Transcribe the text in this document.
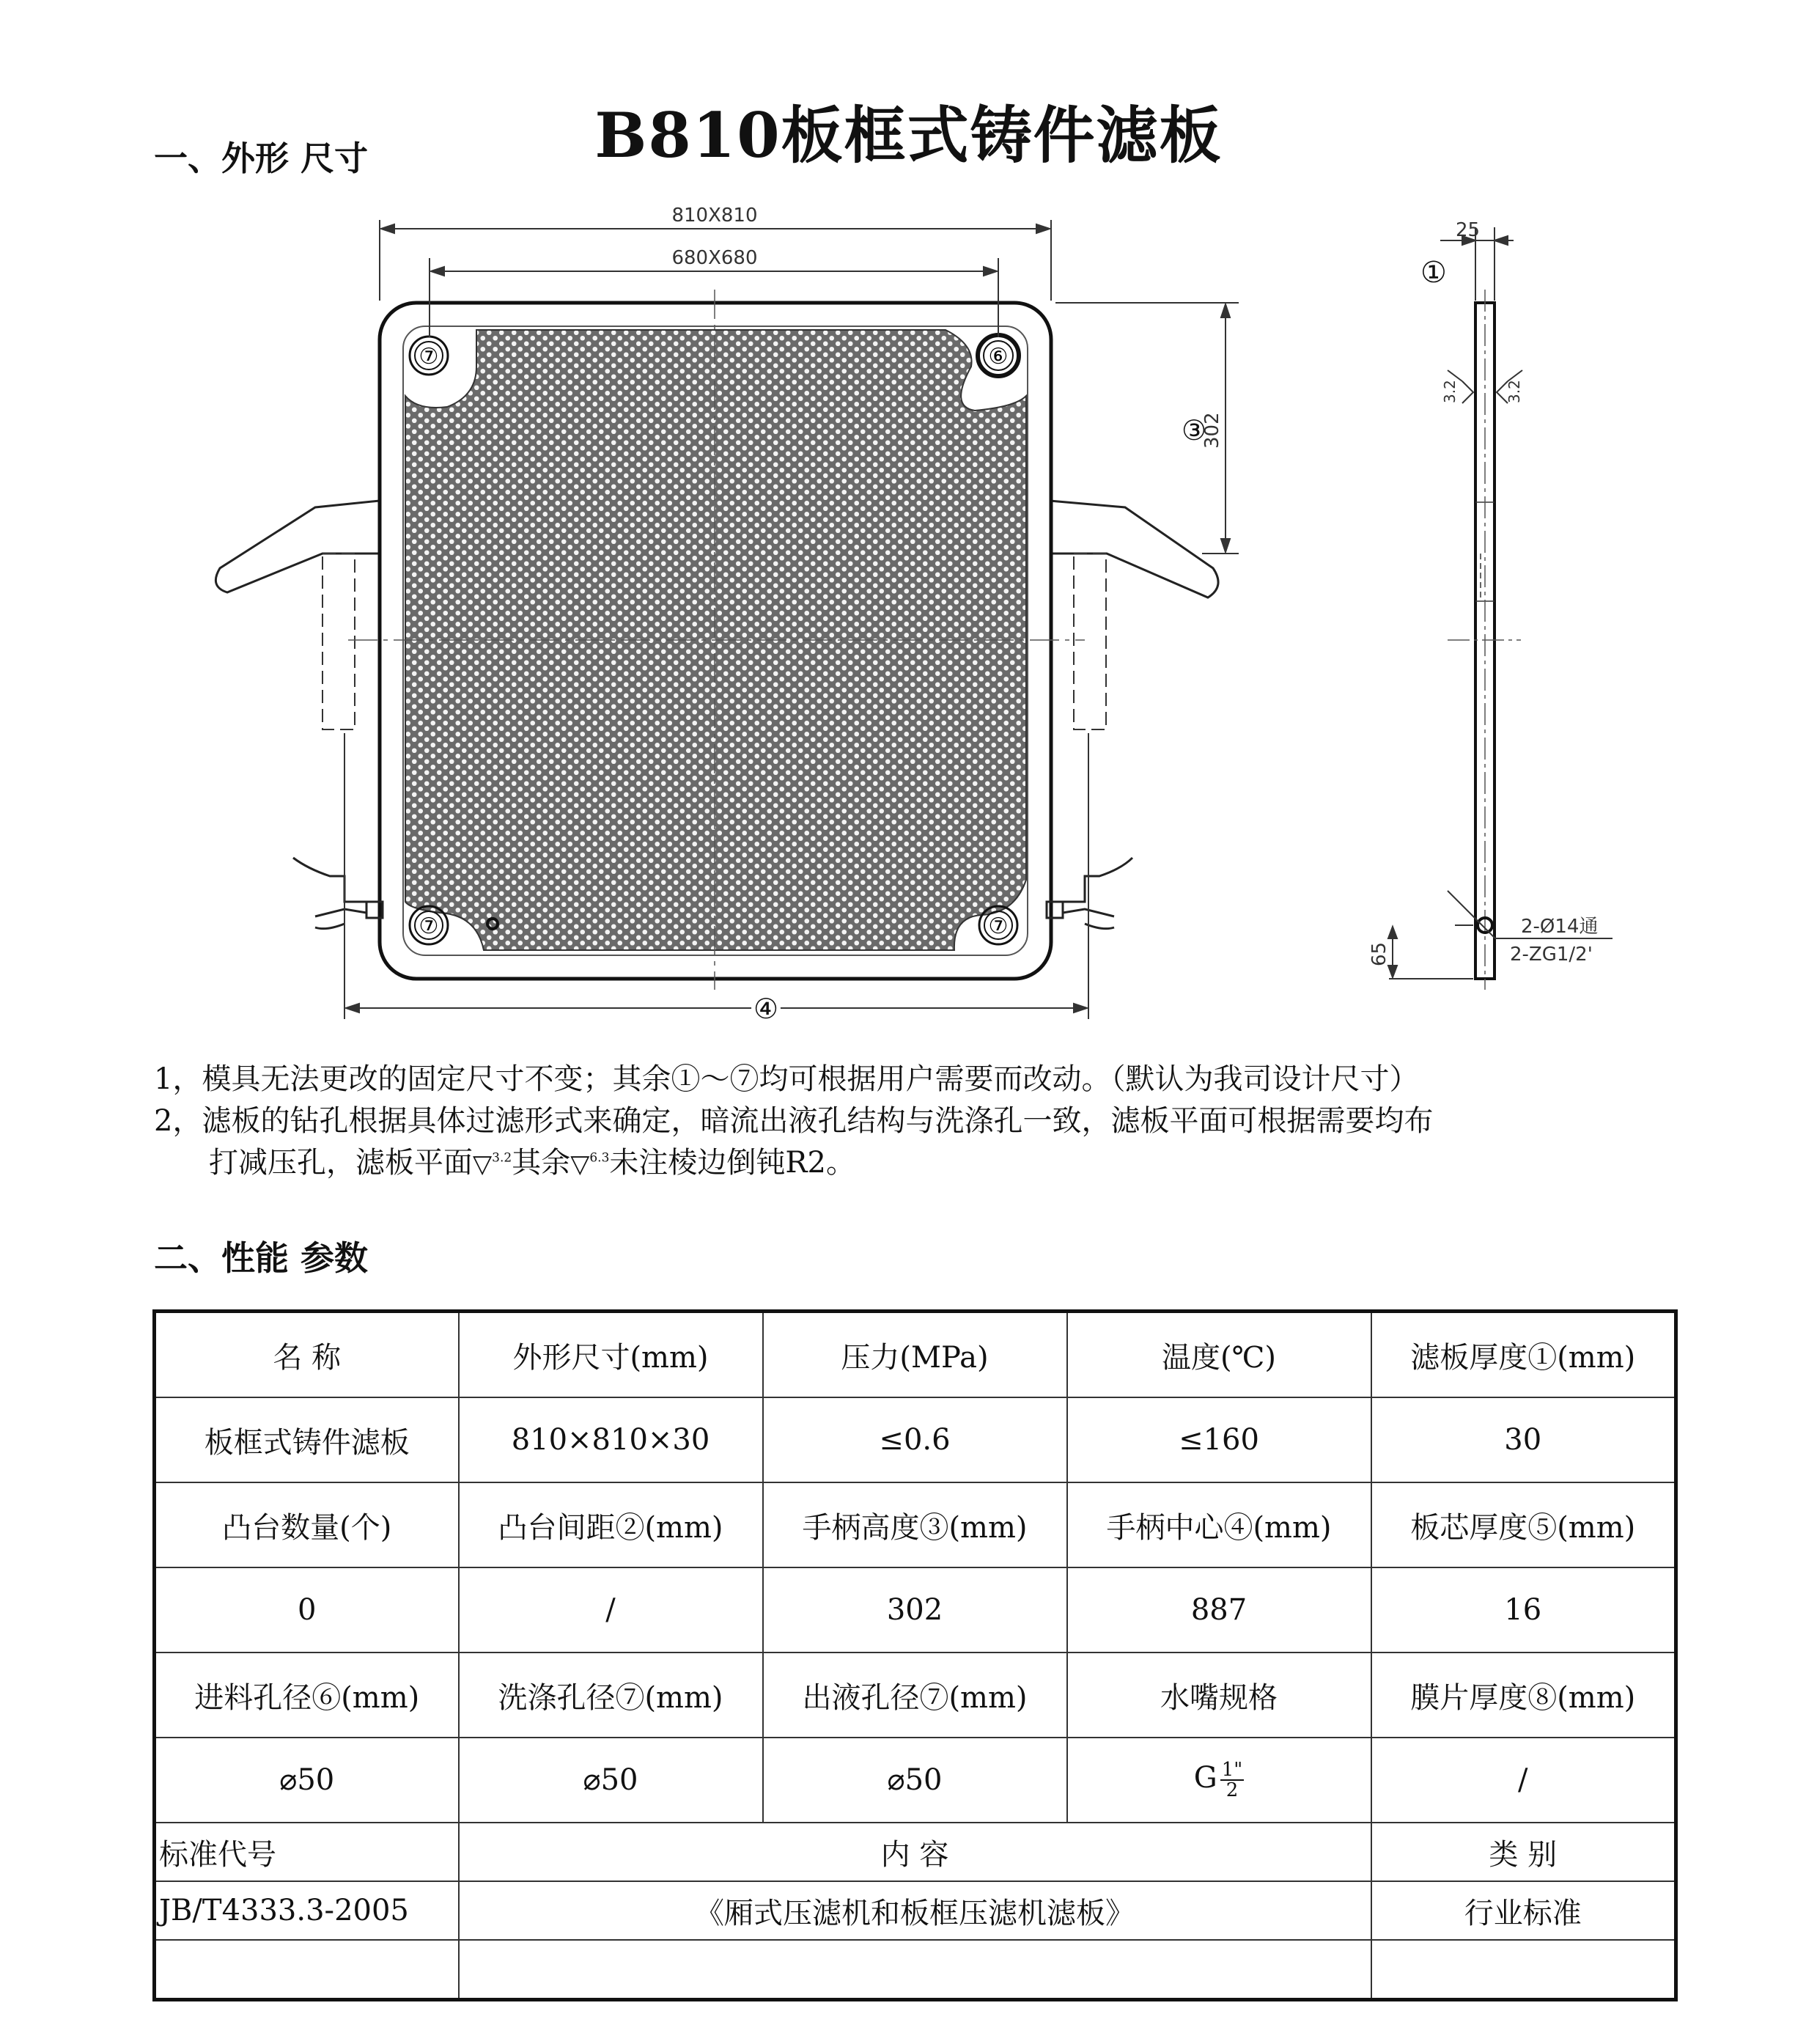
B810板框式铸件滤板
一、外形 尺寸
⑦	⑥
⑦	⑦
810X810
680X680
③
302
④
25
①
3.2	3.2
65
2-Ø14通
2-ZG1/2'
1，模具无法更改的固定尺寸不变；其余①～⑦均可根据用户需要而改动。（默认为我司设计尺寸）
2，滤板的钻孔根据具体过滤形式来确定，暗流出液孔结构与洗涤孔一致，滤板平面可根据需要均布
打减压孔，滤板平面▽$^{3.2}$其余▽$^{6.3}$未注棱边倒钝R2。
二、性能 参数
名 称	外形尺寸(mm)	压力(MPa)	温度(℃)	滤板厚度①(mm)
板框式铸件滤板	810×810×30	≤0.6	≤160	30
凸台数量(个)	凸台间距②(mm)	手柄高度③(mm)	手柄中心④(mm)	板芯厚度⑤(mm)
0	/	302	887	16
进料孔径⑥(mm)	洗涤孔径⑦(mm)	出液孔径⑦(mm)	水嘴规格	膜片厚度⑧(mm)
⌀50	⌀50	⌀50	G $\frac{1"}{2}$	/
标准代号	内 容			类 别
JB/T4333.3-2005	《厢式压滤机和板框压滤机滤板》			行业标准
